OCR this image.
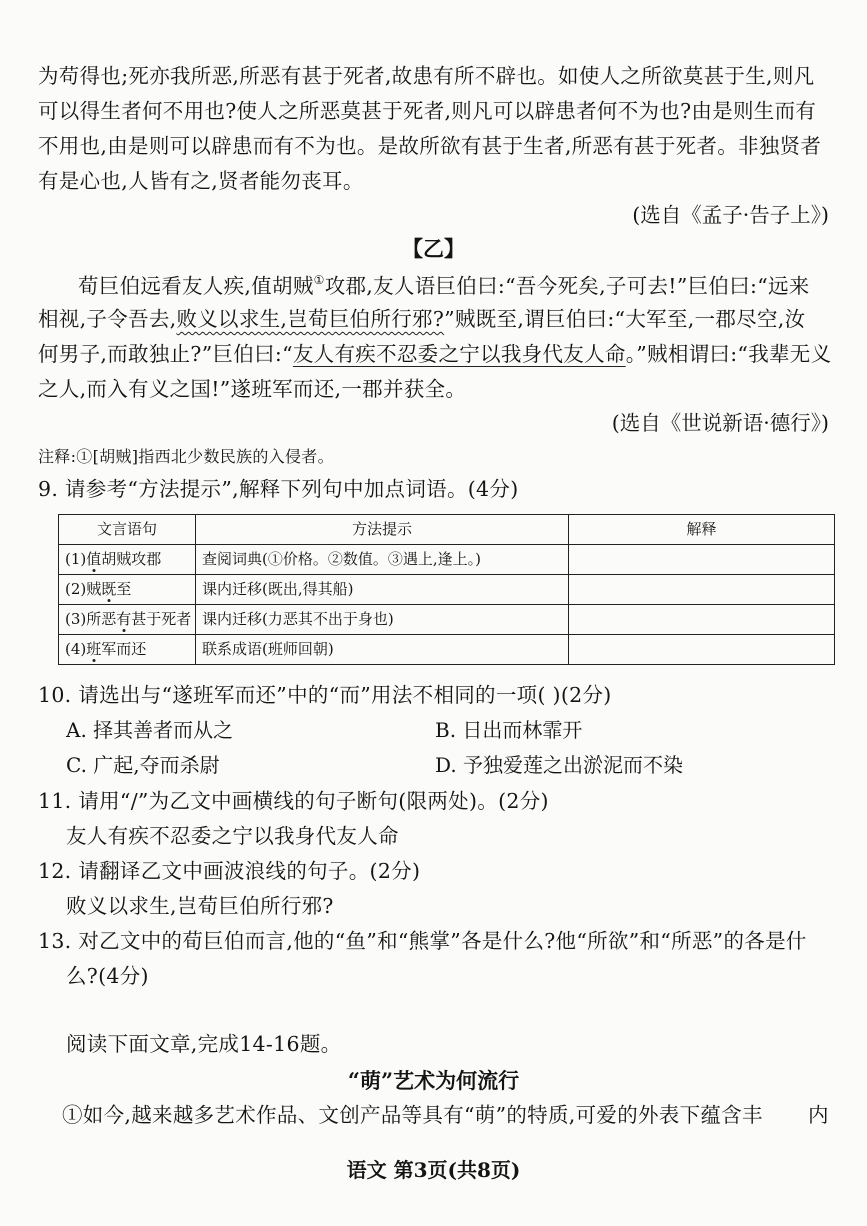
为苟得也;死亦我所恶,所恶有甚于死者,故患有所不辟也。如使人之所欲莫甚于生,则凡
可以得生者何不用也?使人之所恶莫甚于死者,则凡可以辟患者何不为也?由是则生而有
不用也,由是则可以辟患而有不为也。是故所欲有甚于生者,所恶有甚于死者。非独贤者
有是心也,人皆有之,贤者能勿丧耳。
(选自《孟子·告子上》)
【乙】
荀巨伯远看友人疾,值胡贼①攻郡,友人语巨伯曰:“吾今死矣,子可去!”巨伯曰:“远来
相视,子令吾去,败义以求生,岂荀巨伯所行邪?”贼既至,谓巨伯曰:“大军至,一郡尽空,汝
何男子,而敢独止?”巨伯曰:“友人有疾不忍委之宁以我身代友人命。”贼相谓曰:“我辈无义
之人,而入有义之国!”遂班军而还,一郡并获全。
(选自《世说新语·德行》)
注释:①[胡贼]指西北少数民族的入侵者。
9. 请参考“方法提示”,解释下列句中加点词语。(4分)
文言语句	方法提示	解释
(1)值胡贼攻郡	查阅词典(①价格。②数值。③遇上,逢上。)	
(2)贼既至	课内迁移(既出,得其船)	
(3)所恶有甚于死者	课内迁移(力恶其不出于身也)	
(4)班军而还	联系成语(班师回朝)	
10. 请选出与“遂班军而还”中的“而”用法不相同的一项( )(2分)
A. 择其善者而从之	B. 日出而林霏开
C. 广起,夺而杀尉	D. 予独爱莲之出淤泥而不染
11. 请用“/”为乙文中画横线的句子断句(限两处)。(2分)
友人有疾不忍委之宁以我身代友人命
12. 请翻译乙文中画波浪线的句子。(2分)
败义以求生,岂荀巨伯所行邪?
13. 对乙文中的荀巨伯而言,他的“鱼”和“熊掌”各是什么?他“所欲”和“所恶”的各是什
么?(4分)
阅读下面文章,完成14-16题。
“萌”艺术为何流行
①如今,越来越多艺术作品、文创产品等具有“萌”的特质,可爱的外表下蕴含丰 内
语文 第3页(共8页)
